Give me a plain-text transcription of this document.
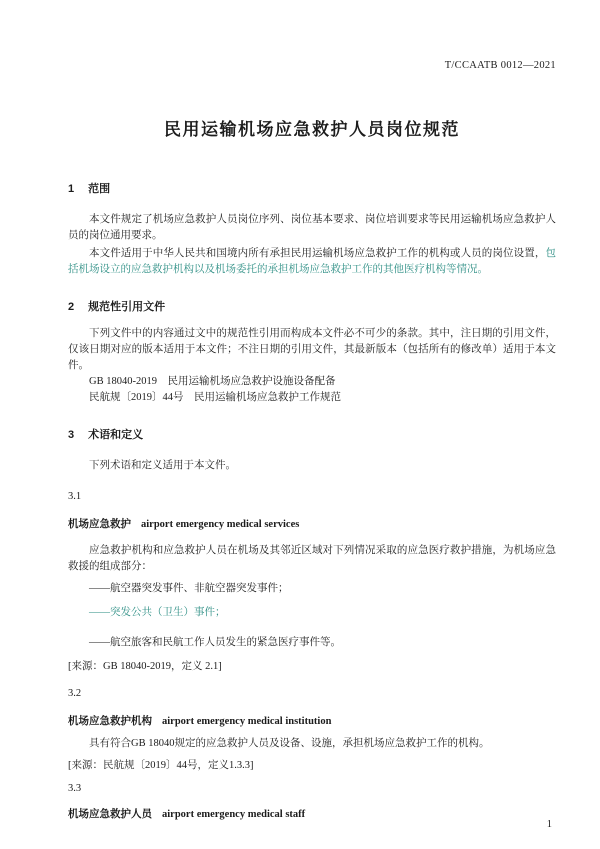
T/CCAATB 0012—2021
民用运输机场应急救护人员岗位规范
1 范围

本文件规定了机场应急救护人员岗位序列、岗位基本要求、岗位培训要求等民用运输机场应急救护人员的岗位通用要求。

本文件适用于中华人民共和国境内所有承担民用运输机场应急救护工作的机构或人员的岗位设置，包括机场设立的应急救护机构以及机场委托的承担机场应急救护工作的其他医疗机构等情况。

2 规范性引用文件

下列文件中的内容通过文中的规范性引用而构成本文件必不可少的条款。其中，注日期的引用文件，仅该日期对应的版本适用于本文件；不注日期的引用文件，其最新版本（包括所有的修改单）适用于本文件。

GB 18040-2019　民用运输机场应急救护设施设备配备

民航规〔2019〕44号　民用运输机场应急救护工作规范

3 术语和定义

下列术语和定义适用于本文件。

3.1
机场应急救护 airport emergency medical services

应急救护机构和应急救护人员在机场及其邻近区域对下列情况采取的应急医疗救护措施，为机场应急救援的组成部分：

——航空器突发事件、非航空器突发事件；

——突发公共（卫生）事件；

——航空旅客和民航工作人员发生的紧急医疗事件等。

[来源：GB 18040-2019，定义 2.1]

3.2
机场应急救护机构 airport emergency medical institution

具有符合GB 18040规定的应急救护人员及设备、设施，承担机场应急救护工作的机构。

[来源：民航规〔2019〕44号，定义1.3.3]

3.3
机场应急救护人员 airport emergency medical staff
1
